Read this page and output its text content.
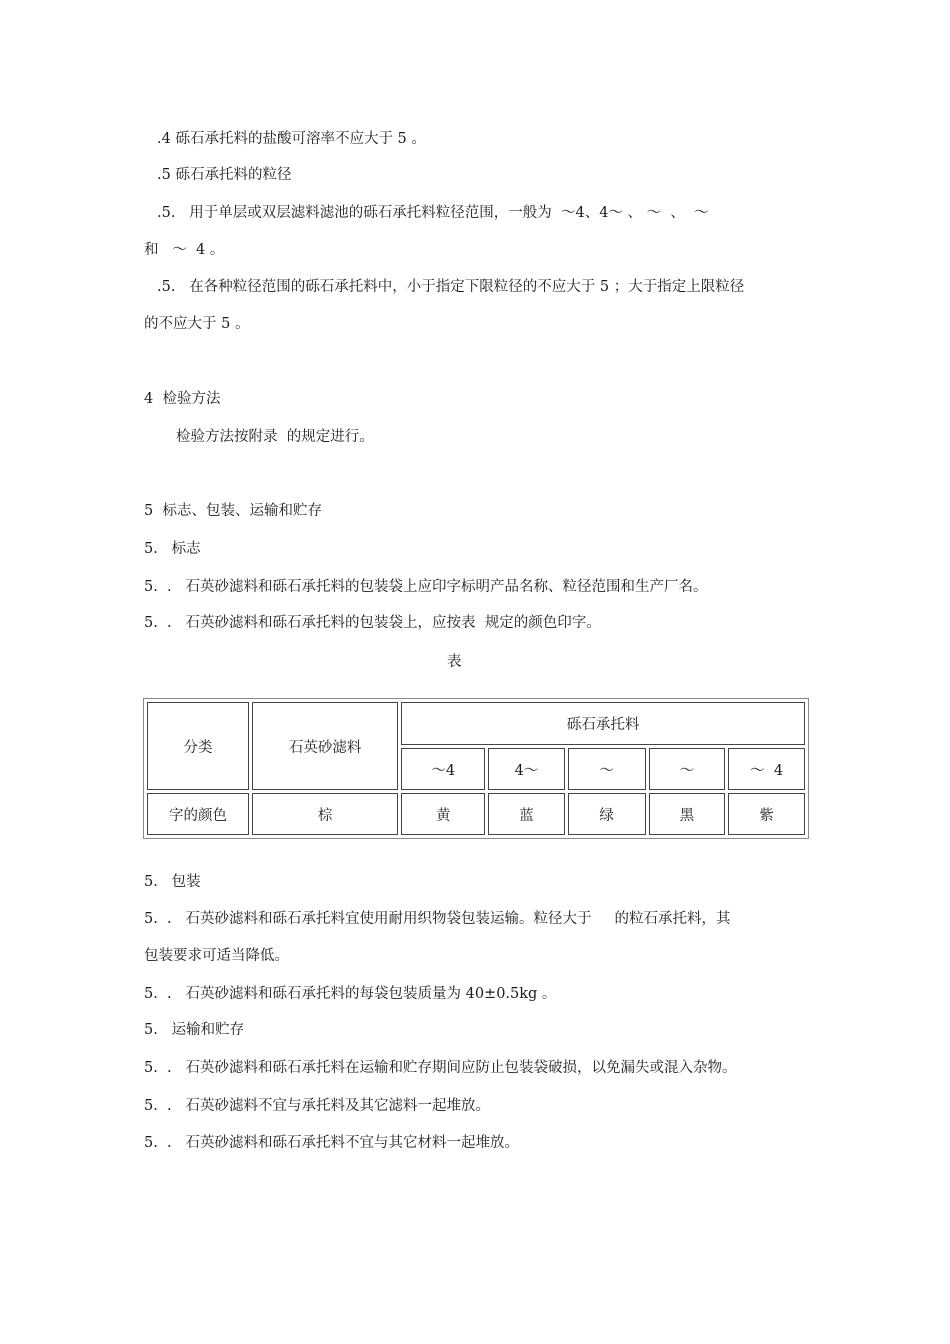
.4 砾石承托料的盐酸可溶率不应大于 5 。
.5 砾石承托料的粒径
.5.   用于单层或双层滤料滤池的砾石承托料粒径范围，一般为  ～4、4～ 、 ～  、  ～
和   ～  4 。
.5.   在各种粒径范围的砾石承托料中，小于指定下限粒径的不应大于 5 ；大于指定上限粒径
的不应大于 5 。
4  检验方法
检验方法按附录  的规定进行。
5  标志、包装、运输和贮存
5.   标志
5.  .   石英砂滤料和砾石承托料的包装袋上应印字标明产品名称、粒径范围和生产厂名。
5.  .   石英砂滤料和砾石承托料的包装袋上，应按表  规定的颜色印字。
表
分类	石英砂滤料	砾石承托料				
		～4	4～	～	～	～  4
字的颜色	棕	黄	蓝	绿	黑	紫
5.   包装
5.  .   石英砂滤料和砾石承托料宜使用耐用织物袋包装运输。粒径大于     的粒石承托料，其
包装要求可适当降低。
5.  .   石英砂滤料和砾石承托料的每袋包装质量为 40±0.5kg 。
5.   运输和贮存
5.  .   石英砂滤料和砾石承托料在运输和贮存期间应防止包装袋破损，以免漏失或混入杂物。
5.  .   石英砂滤料不宜与承托料及其它滤料一起堆放。
5.  .   石英砂滤料和砾石承托料不宜与其它材料一起堆放。
